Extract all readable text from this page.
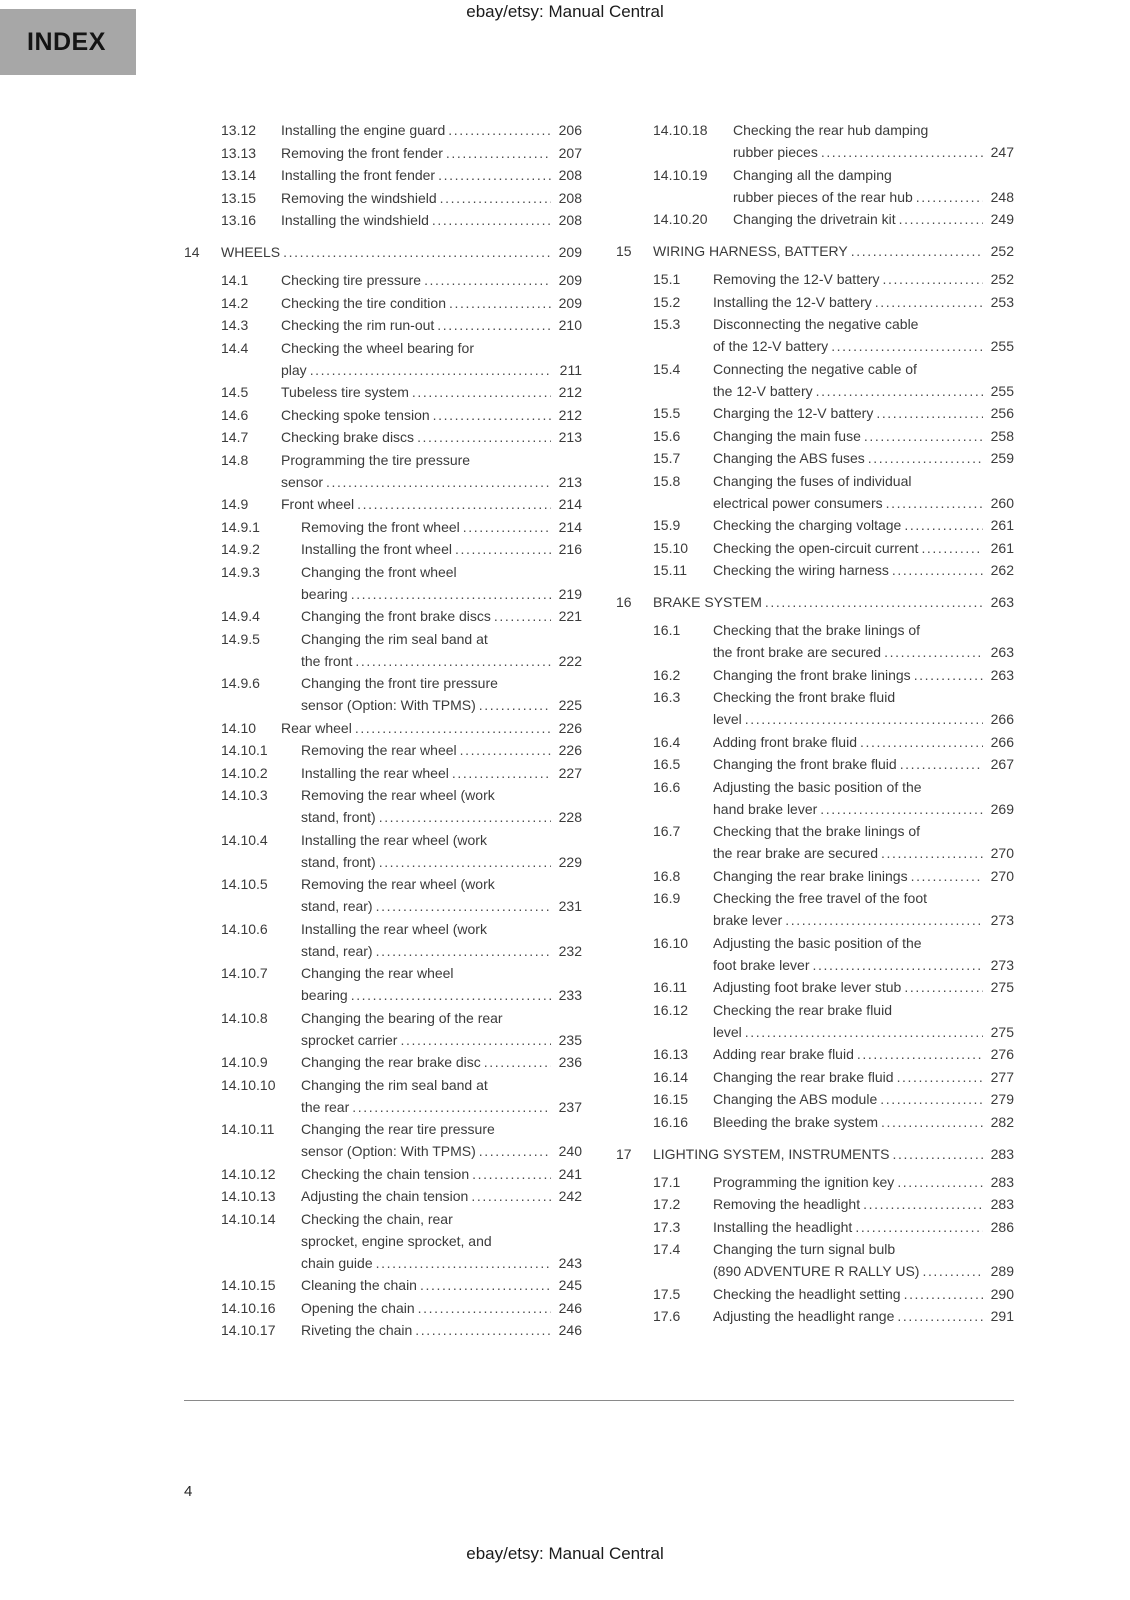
ebay/etsy: Manual Central
INDEX
13.12	Installing the engine guard .....	206
13.13	Removing the front fender .....	207
13.14	Installing the front fender .....	208
13.15	Removing the windshield .....	208
13.16	Installing the windshield .....	208
14	WHEELS .....	209
14.1	Checking tire pressure .....	209
14.2	Checking the tire condition .....	209
14.3	Checking the rim run-out .....	210
14.4	Checking the wheel bearing for
play .....	211
14.5	Tubeless tire system .....	212
14.6	Checking spoke tension .....	212
14.7	Checking brake discs .....	213
14.8	Programming the tire pressure
sensor .....	213
14.9	Front wheel .....	214
14.9.1	Removing the front wheel .....	214
14.9.2	Installing the front wheel .....	216
14.9.3	Changing the front wheel
bearing .....	219
14.9.4	Changing the front brake discs .....	221
14.9.5	Changing the rim seal band at
the front .....	222
14.9.6	Changing the front tire pressure
sensor (Option: With TPMS) .....	225
14.10	Rear wheel .....	226
14.10.1	Removing the rear wheel .....	226
14.10.2	Installing the rear wheel .....	227
14.10.3	Removing the rear wheel (work
stand, front) .....	228
14.10.4	Installing the rear wheel (work
stand, front) .....	229
14.10.5	Removing the rear wheel (work
stand, rear) .....	231
14.10.6	Installing the rear wheel (work
stand, rear) .....	232
14.10.7	Changing the rear wheel
bearing .....	233
14.10.8	Changing the bearing of the rear
sprocket carrier .....	235
14.10.9	Changing the rear brake disc .....	236
14.10.10	Changing the rim seal band at
the rear .....	237
14.10.11	Changing the rear tire pressure
sensor (Option: With TPMS) .....	240
14.10.12	Checking the chain tension .....	241
14.10.13	Adjusting the chain tension .....	242
14.10.14	Checking the chain, rear
sprocket, engine sprocket, and
chain guide .....	243
14.10.15	Cleaning the chain .....	245
14.10.16	Opening the chain .....	246
14.10.17	Riveting the chain .....	246
14.10.18	Checking the rear hub damping
rubber pieces .....	247
14.10.19	Changing all the damping
rubber pieces of the rear hub .....	248
14.10.20	Changing the drivetrain kit .....	249
15	WIRING HARNESS, BATTERY .....	252
15.1	Removing the 12-V battery .....	252
15.2	Installing the 12-V battery .....	253
15.3	Disconnecting the negative cable
of the 12-V battery .....	255
15.4	Connecting the negative cable of
the 12-V battery .....	255
15.5	Charging the 12-V battery .....	256
15.6	Changing the main fuse .....	258
15.7	Changing the ABS fuses .....	259
15.8	Changing the fuses of individual
electrical power consumers .....	260
15.9	Checking the charging voltage .....	261
15.10	Checking the open-circuit current .....	261
15.11	Checking the wiring harness .....	262
16	BRAKE SYSTEM .....	263
16.1	Checking that the brake linings of
the front brake are secured .....	263
16.2	Changing the front brake linings .....	263
16.3	Checking the front brake fluid
level .....	266
16.4	Adding front brake fluid .....	266
16.5	Changing the front brake fluid .....	267
16.6	Adjusting the basic position of the
hand brake lever .....	269
16.7	Checking that the brake linings of
the rear brake are secured .....	270
16.8	Changing the rear brake linings .....	270
16.9	Checking the free travel of the foot
brake lever .....	273
16.10	Adjusting the basic position of the
foot brake lever .....	273
16.11	Adjusting foot brake lever stub .....	275
16.12	Checking the rear brake fluid
level .....	275
16.13	Adding rear brake fluid .....	276
16.14	Changing the rear brake fluid .....	277
16.15	Changing the ABS module .....	279
16.16	Bleeding the brake system .....	282
17	LIGHTING SYSTEM, INSTRUMENTS .....	283
17.1	Programming the ignition key .....	283
17.2	Removing the headlight .....	283
17.3	Installing the headlight .....	286
17.4	Changing the turn signal bulb
(890 ADVENTURE R RALLY US) .....	289
17.5	Checking the headlight setting .....	290
17.6	Adjusting the headlight range .....	291
4
ebay/etsy: Manual Central
